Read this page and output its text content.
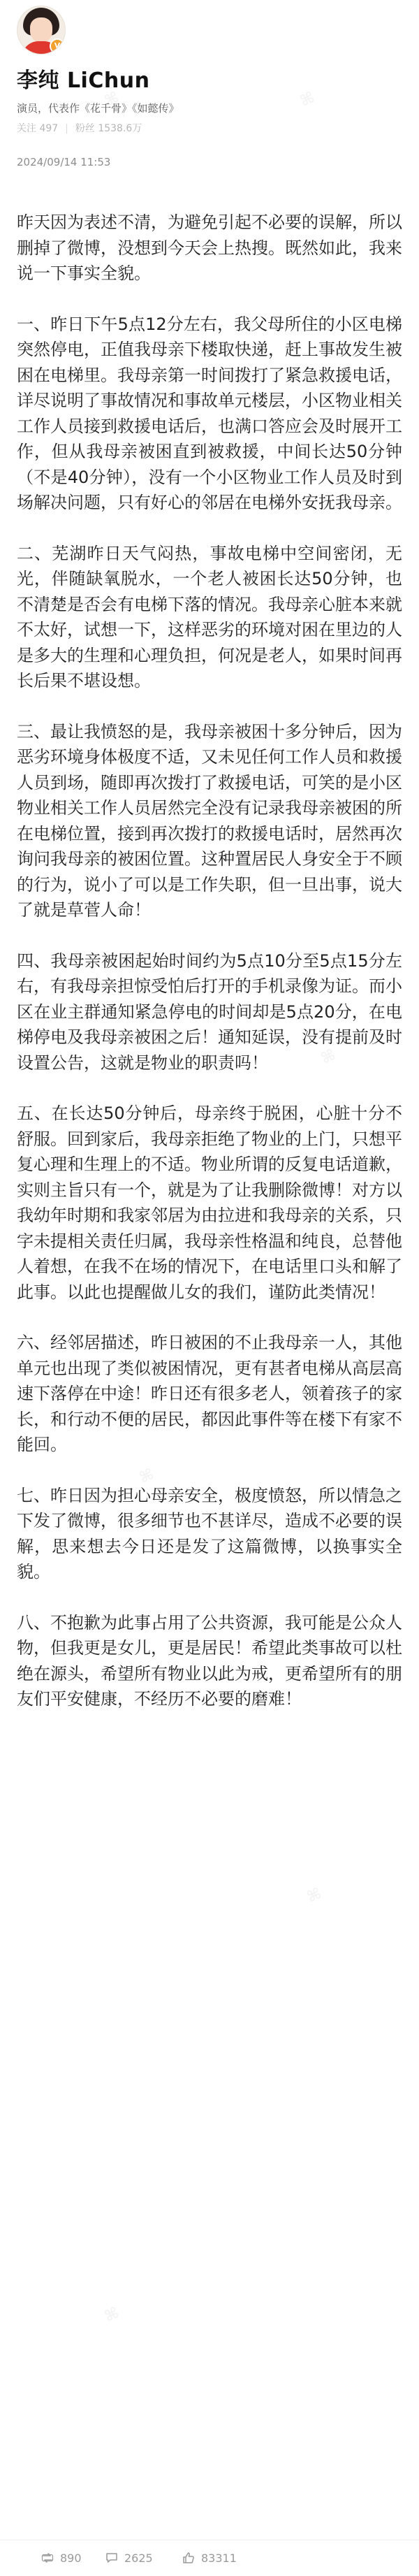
V
李纯 LiChun
演员，代表作《花千骨》《如懿传》
关注 497 | 粉丝 1538.6万
2024/09/14 11:53

昨天因为表述不清，为避免引起不必要的误解，所以删掉了微博，没想到今天会上热搜。既然如此，我来说一下事实全貌。

一、昨日下午5点12分左右，我父母所住的小区电梯突然停电，正值我母亲下楼取快递，赶上事故发生被困在电梯里。我母亲第一时间拨打了紧急救援电话，详尽说明了事故情况和事故单元楼层，小区物业相关工作人员接到救援电话后，也满口答应会及时展开工作，但从我母亲被困直到被救援，中间长达50分钟（不是40分钟），没有一个小区物业工作人员及时到场解决问题，只有好心的邻居在电梯外安抚我母亲。

二、芜湖昨日天气闷热，事故电梯中空间密闭，无光，伴随缺氧脱水，一个老人被困长达50分钟，也不清楚是否会有电梯下落的情况。我母亲心脏本来就不太好，试想一下，这样恶劣的环境对困在里边的人是多大的生理和心理负担，何况是老人，如果时间再长后果不堪设想。

三、最让我愤怒的是，我母亲被困十多分钟后，因为恶劣环境身体极度不适，又未见任何工作人员和救援人员到场，随即再次拨打了救援电话，可笑的是小区物业相关工作人员居然完全没有记录我母亲被困的所在电梯位置，接到再次拨打的救援电话时，居然再次询问我母亲的被困位置。这种置居民人身安全于不顾的行为，说小了可以是工作失职，但一旦出事，说大了就是草菅人命！

四、我母亲被困起始时间约为5点10分至5点15分左右，有我母亲担惊受怕后打开的手机录像为证。而小区在业主群通知紧急停电的时间却是5点20分，在电梯停电及我母亲被困之后！通知延误，没有提前及时设置公告，这就是物业的职责吗！

五、在长达50分钟后，母亲终于脱困，心脏十分不舒服。回到家后，我母亲拒绝了物业的上门，只想平复心理和生理上的不适。物业所谓的反复电话道歉，实则主旨只有一个，就是为了让我删除微博！对方以我幼年时期和我家邻居为由拉进和我母亲的关系，只字未提相关责任归属，我母亲性格温和纯良，总替他人着想，在我不在场的情况下，在电话里口头和解了此事。以此也提醒做儿女的我们，谨防此类情况！

六、经邻居描述，昨日被困的不止我母亲一人，其他单元也出现了类似被困情况，更有甚者电梯从高层高速下落停在中途！昨日还有很多老人，领着孩子的家长，和行动不便的居民，都因此事件等在楼下有家不能回。

七、昨日因为担心母亲安全，极度愤怒，所以情急之下发了微博，很多细节也不甚详尽，造成不必要的误解，思来想去今日还是发了这篇微博，以换事实全貌。

八、不抱歉为此事占用了公共资源，我可能是公众人物，但我更是女儿，更是居民！希望此类事故可以杜绝在源头，希望所有物业以此为戒，更希望所有的朋友们平安健康，不经历不必要的磨难！

890	2625	83311
